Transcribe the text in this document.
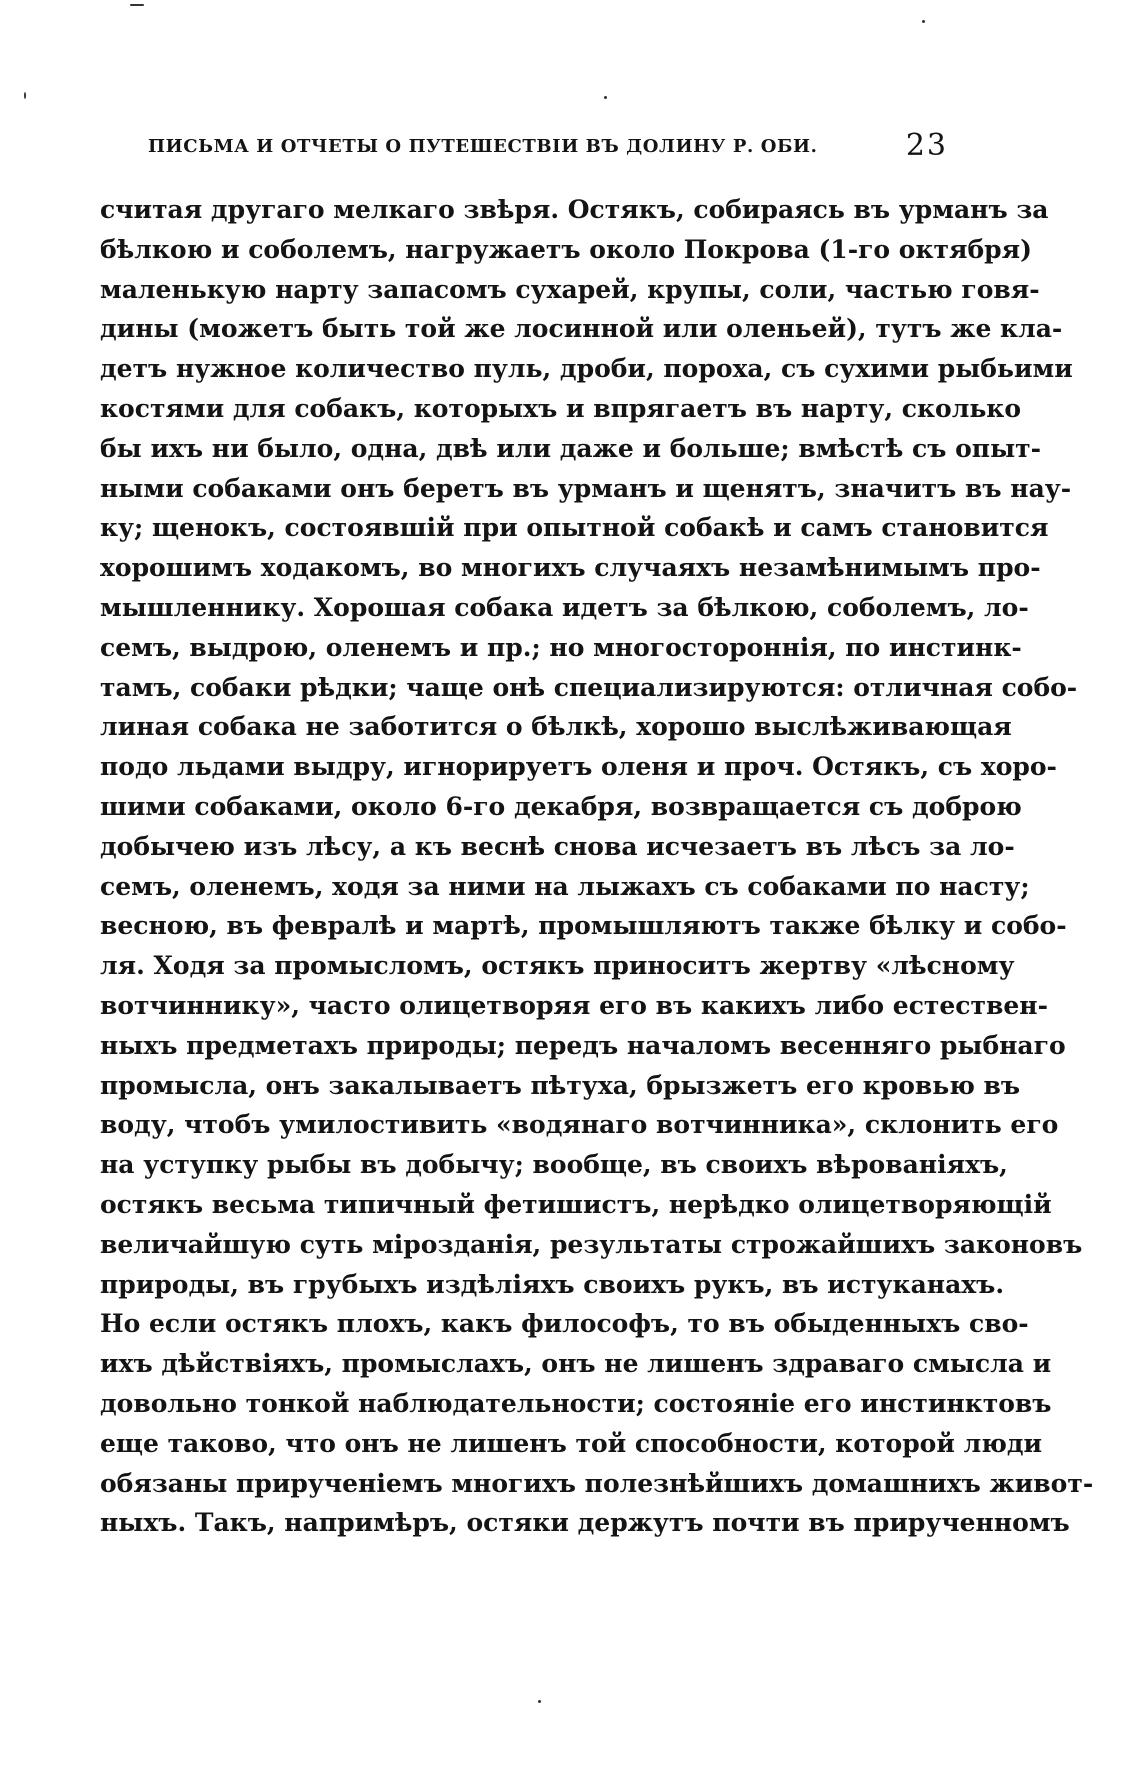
ПИСЬМА И ОТЧЕТЫ О ПУТЕШЕСТВІИ ВЪ ДОЛИНУ Р. ОБИ.	23
считая другаго мелкаго звѣря. Остякъ, собираясь въ урманъ за
бѣлкою и соболемъ, нагружаетъ около Покрова (1-го октября)
маленькую нарту запасомъ сухарей, крупы, соли, частью говя-
дины (можетъ быть той же лосинной или оленьей), тутъ же кла-
детъ нужное количество пуль, дроби, пороха, съ сухими рыбьими
костями для собакъ, которыхъ и впрягаетъ въ нарту, сколько
бы ихъ ни было, одна, двѣ или даже и больше; вмѣстѣ съ опыт-
ными собаками онъ беретъ въ урманъ и щенятъ, значитъ въ нау-
ку; щенокъ, состоявшій при опытной собакѣ и самъ становится
хорошимъ ходакомъ, во многихъ случаяхъ незамѣнимымъ про-
мышленнику. Хорошая собака идетъ за бѣлкою, соболемъ, ло-
семъ, выдрою, оленемъ и пр.; но многостороннія, по инстинк-
тамъ, собаки рѣдки; чаще онѣ специализируются: отличная собо-
линая собака не заботится о бѣлкѣ, хорошо выслѣживающая
подо льдами выдру, игнорируетъ оленя и проч. Остякъ, съ хоро-
шими собаками, около 6-го декабря, возвращается съ доброю
добычею изъ лѣсу, а къ веснѣ снова исчезаетъ въ лѣсъ за ло-
семъ, оленемъ, ходя за ними на лыжахъ съ собаками по насту;
весною, въ февралѣ и мартѣ, промышляютъ также бѣлку и собо-
ля. Ходя за промысломъ, остякъ приноситъ жертву «лѣсному
вотчиннику», часто олицетворяя его въ какихъ либо естествен-
ныхъ предметахъ природы; передъ началомъ весенняго рыбнаго
промысла, онъ закалываетъ пѣтуха, брызжетъ его кровью въ
воду, чтобъ умилостивить «водянаго вотчинника», склонить его
на уступку рыбы въ добычу; вообще, въ своихъ вѣрованіяхъ,
остякъ весьма типичный фетишистъ, нерѣдко олицетворяющій
величайшую суть мірозданія, результаты строжайшихъ законовъ
природы, въ грубыхъ издѣліяхъ своихъ рукъ, въ истуканахъ.
Но если остякъ плохъ, какъ философъ, то въ обыденныхъ сво-
ихъ дѣйствіяхъ, промыслахъ, онъ не лишенъ здраваго смысла и
довольно тонкой наблюдательности; состояніе его инстинктовъ
еще таково, что онъ не лишенъ той способности, которой люди
обязаны прирученіемъ многихъ полезнѣйшихъ домашнихъ живот-
ныхъ. Такъ, напримѣръ, остяки держутъ почти въ прирученномъ
